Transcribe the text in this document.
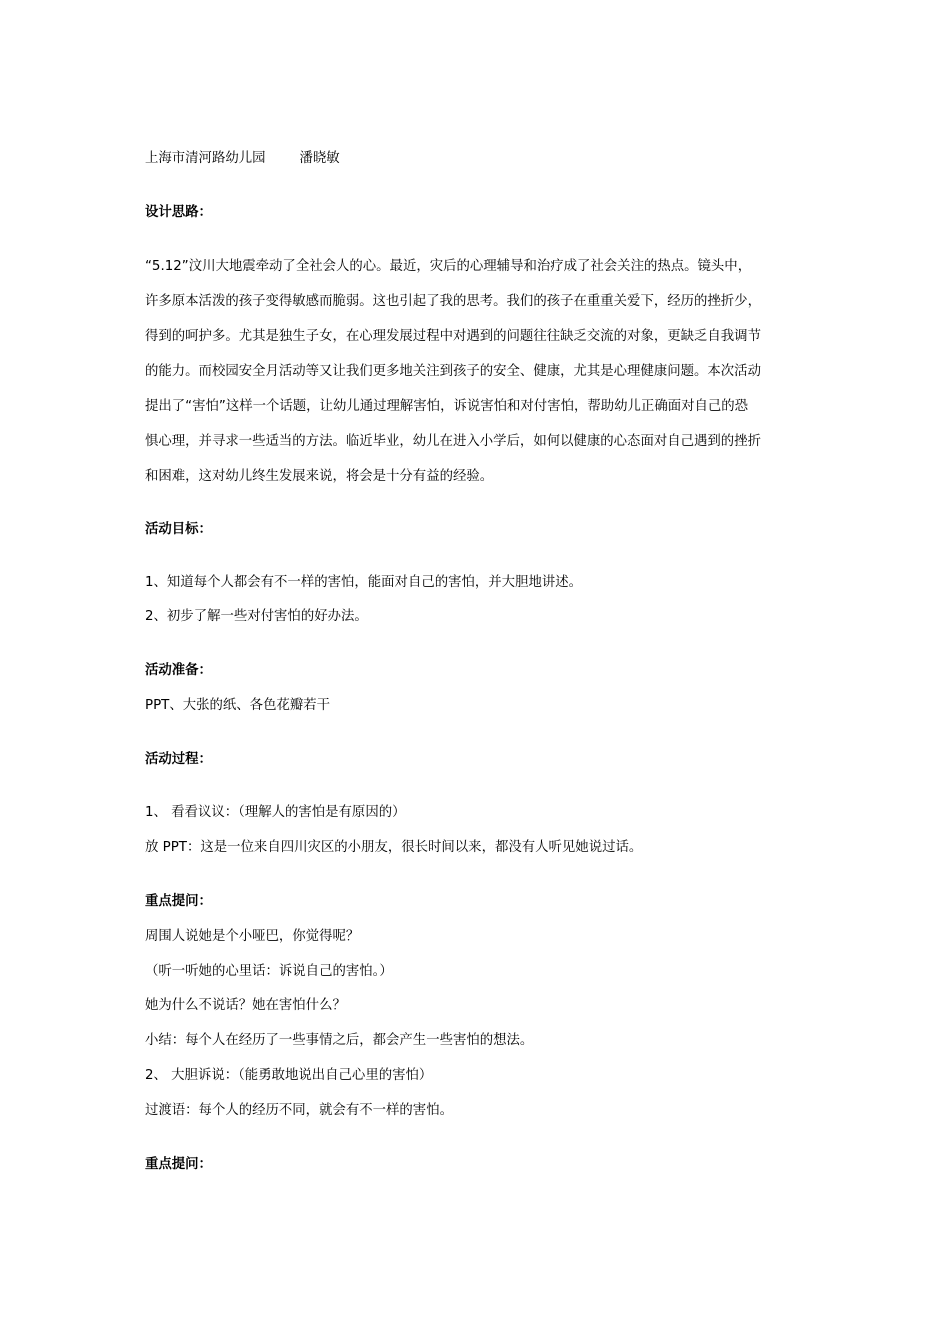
上海市清河路幼儿园	潘晓敏
设计思路：
“5.12”汶川大地震牵动了全社会人的心。最近，灾后的心理辅导和治疗成了社会关注的热点。镜头中，
许多原本活泼的孩子变得敏感而脆弱。这也引起了我的思考。我们的孩子在重重关爱下，经历的挫折少，
得到的呵护多。尤其是独生子女，在心理发展过程中对遇到的问题往往缺乏交流的对象，更缺乏自我调节
的能力。而校园安全月活动等又让我们更多地关注到孩子的安全、健康，尤其是心理健康问题。本次活动
提出了“害怕”这样一个话题，让幼儿通过理解害怕，诉说害怕和对付害怕，帮助幼儿正确面对自己的恐
惧心理，并寻求一些适当的方法。临近毕业，幼儿在进入小学后，如何以健康的心态面对自己遇到的挫折
和困难，这对幼儿终生发展来说，将会是十分有益的经验。
活动目标：
1、知道每个人都会有不一样的害怕，能面对自己的害怕，并大胆地讲述。
2、初步了解一些对付害怕的好办法。
活动准备：
PPT、大张的纸、各色花瓣若干
活动过程：
1、 看看议议：（理解人的害怕是有原因的）
放 PPT：这是一位来自四川灾区的小朋友，很长时间以来，都没有人听见她说过话。
重点提问：
周围人说她是个小哑巴，你觉得呢？
（听一听她的心里话：诉说自己的害怕。）
她为什么不说话？她在害怕什么？
小结：每个人在经历了一些事情之后，都会产生一些害怕的想法。
2、 大胆诉说：（能勇敢地说出自己心里的害怕）
过渡语：每个人的经历不同，就会有不一样的害怕。
重点提问：
